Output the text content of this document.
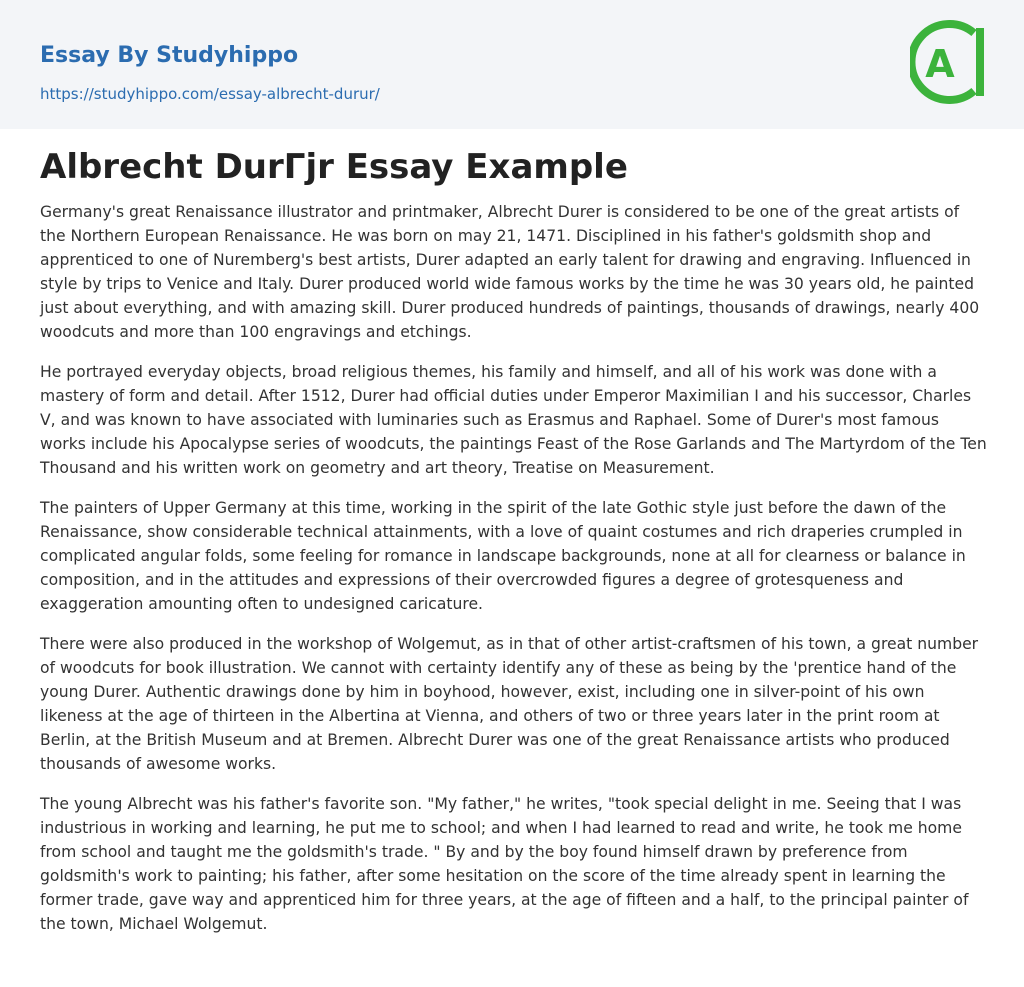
Essay By Studyhippo
https://studyhippo.com/essay-albrecht-durur/
A
Albrecht DurГjr Essay Example

Germany's great Renaissance illustrator and printmaker, Albrecht Durer is considered to be one of the great artists of the Northern European Renaissance. He was born on may 21, 1471. Disciplined in his father's goldsmith shop and apprenticed to one of Nuremberg's best artists, Durer adapted an early talent for drawing and engraving. Influenced in style by trips to Venice and Italy. Durer produced world wide famous works by the time he was 30 years old, he painted just about everything, and with amazing skill. Durer produced hundreds of paintings, thousands of drawings, nearly 400 woodcuts and more than 100 engravings and etchings.

He portrayed everyday objects, broad religious themes, his family and himself, and all of his work was done with a mastery of form and detail. After 1512, Durer had official duties under Emperor Maximilian I and his successor, Charles V, and was known to have associated with luminaries such as Erasmus and Raphael. Some of Durer's most famous works include his Apocalypse series of woodcuts, the paintings Feast of the Rose Garlands and The Martyrdom of the Ten Thousand and his written work on geometry and art theory, Treatise on Measurement.

The painters of Upper Germany at this time, working in the spirit of the late Gothic style just before the dawn of the Renaissance, show considerable technical attainments, with a love of quaint costumes and rich draperies crumpled in complicated angular folds, some feeling for romance in landscape backgrounds, none at all for clearness or balance in composition, and in the attitudes and expressions of their overcrowded figures a degree of grotesqueness and exaggeration amounting often to undesigned caricature.

There were also produced in the workshop of Wolgemut, as in that of other artist-craftsmen of his town, a great number of woodcuts for book illustration. We cannot with certainty identify any of these as being by the 'prentice hand of the young Durer. Authentic drawings done by him in boyhood, however, exist, including one in silver-point of his own likeness at the age of thirteen in the Albertina at Vienna, and others of two or three years later in the print room at Berlin, at the British Museum and at Bremen. Albrecht Durer was one of the great Renaissance artists who produced thousands of awesome works.

The young Albrecht was his father's favorite son. "My father," he writes, "took special delight in me. Seeing that I was industrious in working and learning, he put me to school; and when I had learned to read and write, he took me home from school and taught me the goldsmith's trade. " By and by the boy found himself drawn by preference from goldsmith's work to painting; his father, after some hesitation on the score of the time already spent in learning the former trade, gave way and apprenticed him for three years, at the age of fifteen and a half, to the principal painter of the town, Michael Wolgemut.
